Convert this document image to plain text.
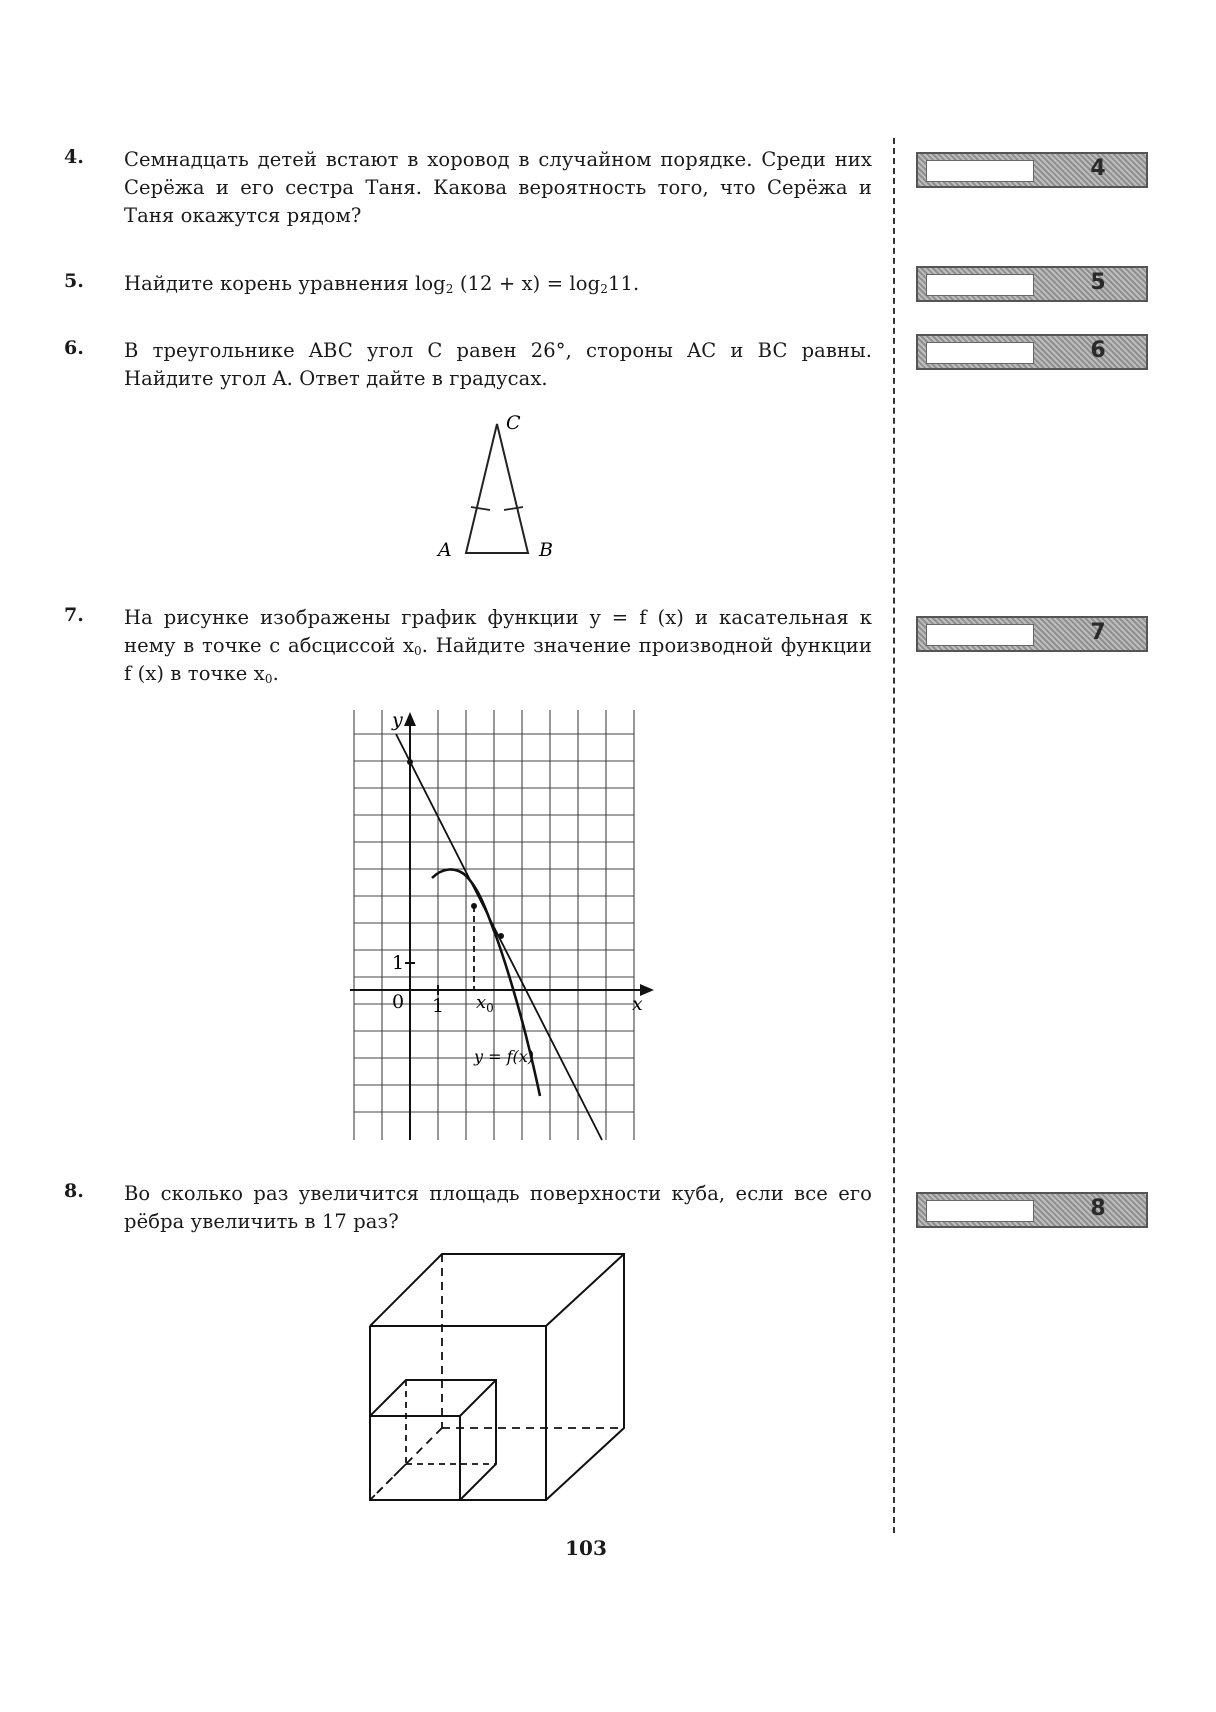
4.	Семнадцать детей встают в хоровод в случайном порядке. Среди них Серёжа и его сестра Таня. Какова вероятность того, что Серёжа и Таня окажутся рядом?
5.	Найдите корень уравнения $\log_2 (12 + x) = \log_211$.
6.	В треугольнике ABC угол C равен 26°, стороны AC и BC равны. Найдите угол A. Ответ дайте в градусах.
A	B
C
7.	На рисунке изображены график функции y = f (x) и касательная к нему в точке с абсциссой $x_0$. Найдите значение производной функции f (x) в точке $x_0$.
y
x
0 1
1
$x_0$
y = f(x)
8.	Во сколько раз увеличится площадь поверхности куба, если все его рёбра увеличить в 17 раз?
4
5
6
7
8
103
